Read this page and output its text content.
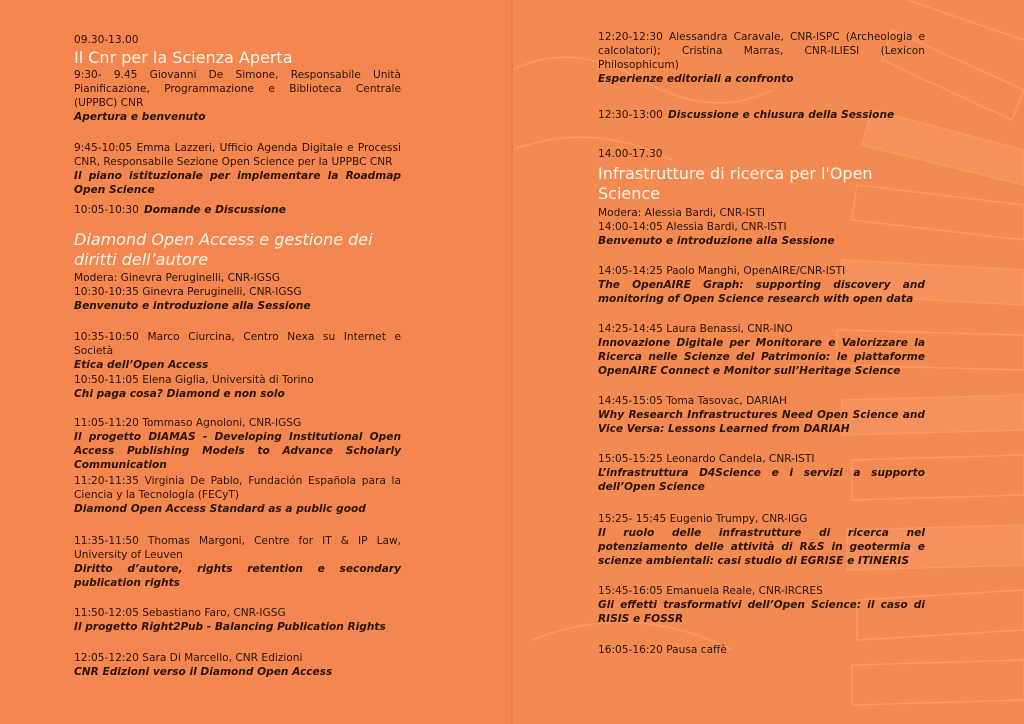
09.30-13.00

Il Cnr per la Scienza Aperta

9:30- 9.45 Giovanni De Simone, Responsabile Unità Pianificazione, Programmazione e Biblioteca Centrale (UPPBC) CNR

Apertura e benvenuto

9:45-10:05 Emma Lazzeri, Ufficio Agenda Digitale e Processi CNR, Responsabile Sezione Open Science per la UPPBC CNR

Il piano istituzionale per implementare la Roadmap Open Science

10:05-10:30 Domande e Discussione
Diamond Open Access e gestione dei diritti dell’autore

Modera: Ginevra Peruginelli, CNR-IGSG

10:30-10:35 Ginevra Peruginelli, CNR-IGSG

Benvenuto e introduzione alla Sessione

10:35-10:50 Marco Ciurcina, Centro Nexa su Internet e Società

Etica dell’Open Access

10:50-11:05 Elena Giglia, Università di Torino

Chi paga cosa? Diamond e non solo

11:05-11:20 Tommaso Agnoloni, CNR-IGSG

Il progetto DIAMAS - Developing Institutional Open Access Publishing Models to Advance Scholarly Communication

11:20-11:35 Virginia De Pablo, Fundación Española para la Ciencia y la Tecnología (FECyT)

Diamond Open Access Standard as a public good

11:35-11:50 Thomas Margoni, Centre for IT & IP Law, University of Leuven

Diritto d’autore, rights retention e secondary publication rights

11:50-12:05 Sebastiano Faro, CNR-IGSG

Il progetto Right2Pub - Balancing Publication Rights

12:05-12:20 Sara Di Marcello, CNR Edizioni

CNR Edizioni verso il Diamond Open Access

12:20-12:30 Alessandra Caravale, CNR-ISPC (Archeologia e calcolatori); Cristina Marras, CNR-ILIESI (Lexicon Philosophicum)

Esperienze editoriali a confronto

12:30-13:00 Discussione e chiusura della Sessione

14.00-17.30

Infrastrutture di ricerca per l'Open Science

Modera: Alessia Bardi, CNR-ISTI

14:00-14:05 Alessia Bardi, CNR-ISTI

Benvenuto e introduzione alla Sessione

14:05-14:25 Paolo Manghi, OpenAIRE/CNR-ISTI

The OpenAIRE Graph: supporting discovery and monitoring of Open Science research with open data

14:25-14:45 Laura Benassi, CNR-INO

Innovazione Digitale per Monitorare e Valorizzare la Ricerca nelle Scienze del Patrimonio: le piattaforme OpenAIRE Connect e Monitor sull’Heritage Science

14:45-15:05 Toma Tasovac, DARIAH

Why Research Infrastructures Need Open Science and Vice Versa: Lessons Learned from DARIAH

15:05-15:25 Leonardo Candela, CNR-ISTI

L’infrastruttura D4Science e i servizi a supporto dell’Open Science

15:25- 15:45 Eugenio Trumpy, CNR-IGG

Il ruolo delle infrastrutture di ricerca nel potenziamento delle attività di R&S in geotermia e scienze ambientali: casi studio di EGRISE e ITINERIS

15:45-16:05 Emanuela Reale, CNR-IRCRES

Gli effetti trasformativi dell’Open Science: il caso di RISIS e FOSSR

16:05-16:20 Pausa caffè
